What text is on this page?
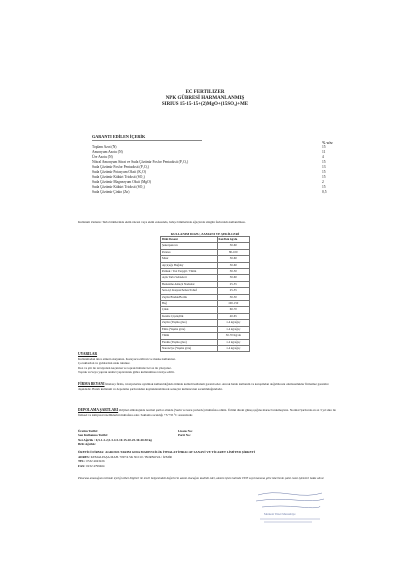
EC FERTILIZER
NPK GÜBRESİ HARMANLANMIŞ
SIRIUS 15-15-15+(2)MgO+(15SO₃)+ME
GARANTI EDİLEN İÇERİK
% w/w
Toplam Azot (N)	15
Amonyum Azotu (N)	11
Üre Azotu (N)	4
Nötral Amonyum Sitrat ve Suda Çözünür Fosfor Pentaoksit (P₂O₅)	15
Suda Çözünür Fosfor Pentaoksit (P₂O₅)	13
Suda Çözünür Potasyum Oksit (K₂O)	15
Suda Çözünür Kükürt Trioksit (SO₃)	15
Suda Çözünür Magnezyum Oksit (MgO)	2
Suda Çözünür Kükürt Trioksit (SO₃)	15
Suda Çözünür Çinko (Zn)	0,5
Kullanım Zamanı: Tarla bitkilerinde ekim öncesi veya ekim esnasında, bahçe bitkilerinde ağaçlarda süzgün fazlarında kullanılması.
KULLANIM DOZU, ZAMANI VE ŞEKİLLERİ
Bitki Deseni	Kat/Dek kg/da
Şekerpancarı	50-60
Patates	80-100
Mısır	50-60
Ayçiçeği, Buğday	50-60
Pamuk / Tuz Turpgil / Tütün	30-50
Açık Tarla Sebzeleri	50-60
Beslenme Amaçlı Nadaslar	25-35
Sera-içi Karpuz/Sebze/Tohuf	25-35
Zeytin/Fındık/Bortlu	30-50
Bağ	100-150
Çilek	60-70
Kesme Çiçekçilik	40-65
Zeytin (Yaşma göre)	1-4 kg/ağaç
Elma (Yaşma göre)	1-4 kg/ağaç
Tütün	50-70 Kg/da
Fındık (Yaşma göre)	1-2 kg/ağaç
Narenciye (Yaşma göre)	1-4 kg/ağaç
UYARILAR
Kullanmadan önce etiketi okuyunuz. Koruyucu eldiven ve maske kullanınız.
Çocuklardan ve gıdalardan uzak tutunuz.
Doz ve şiir ile tavsiyeden kaçınınız ve toprak halinde bel az ile yıkayınız.
Toprak ve/veya yaprak analizi yaptırılarak gübre kullanılması tavsiye edilir.
FİRMA BEYANI İmalatçı firma, tavsiyelerine uyulmak kullanıldığında üründe kaliteli kullanım garanti eder. Ancak hatalı kullanım ve karışımdan doğabilecek olumsuzluklar firmamız garantisi dışındadır. Hatalı kullanım ve depolama şartlarından kaynaklanabilecek sonuçlar kullanıcının sorumluluğundadır.
DEPOLAMA ŞARTLARI Orijinal ambalajında normal şartlar altında (Serin ve kuru yerlerde) muhafaza ediniz. Ürünü direkt güneş ışığına maruz bırakmayınız. Normal Şartlarda en az 3 yıl süre ile fiziksel ve kimyasal özelliklerini muhafaza eder. Saklama sıcaklığı +5/+35 °C arasındadır.
Üretim Tarihi:	Lisans No:
Son Kullanma Tarihi:	Parti No:
Net Ağırlık : 0,5-1-2-2,5-3-4-5-10-15-20-25-30-40-50 kg
Brüt Ağırlık:
ÜRETİCİ FİRMA: AGROSIS TARIM GIDA MADENCİLİK İTHALAT İHRACAT SANAYİ VE TİCARET LİMİTED ŞİRKETİ
ADRES: KEMALPAŞA MAH. 7097/4 SK NO:10 / BORNOVA / İZMİR
TEL: 0532 4043226
FAX: 0232 4799464
Pinarasa amasoğunu istimde içeriği etiket bilgileri ile tescil belgesindeki değerlerin azami olacağını taahhüt eder, akımin işlem halinde TZ33 sayılı kanuna göre tekerlenin şahsi cezai işlemleri hakkı alınır.
Merkezi Tüzel Mensubiye
